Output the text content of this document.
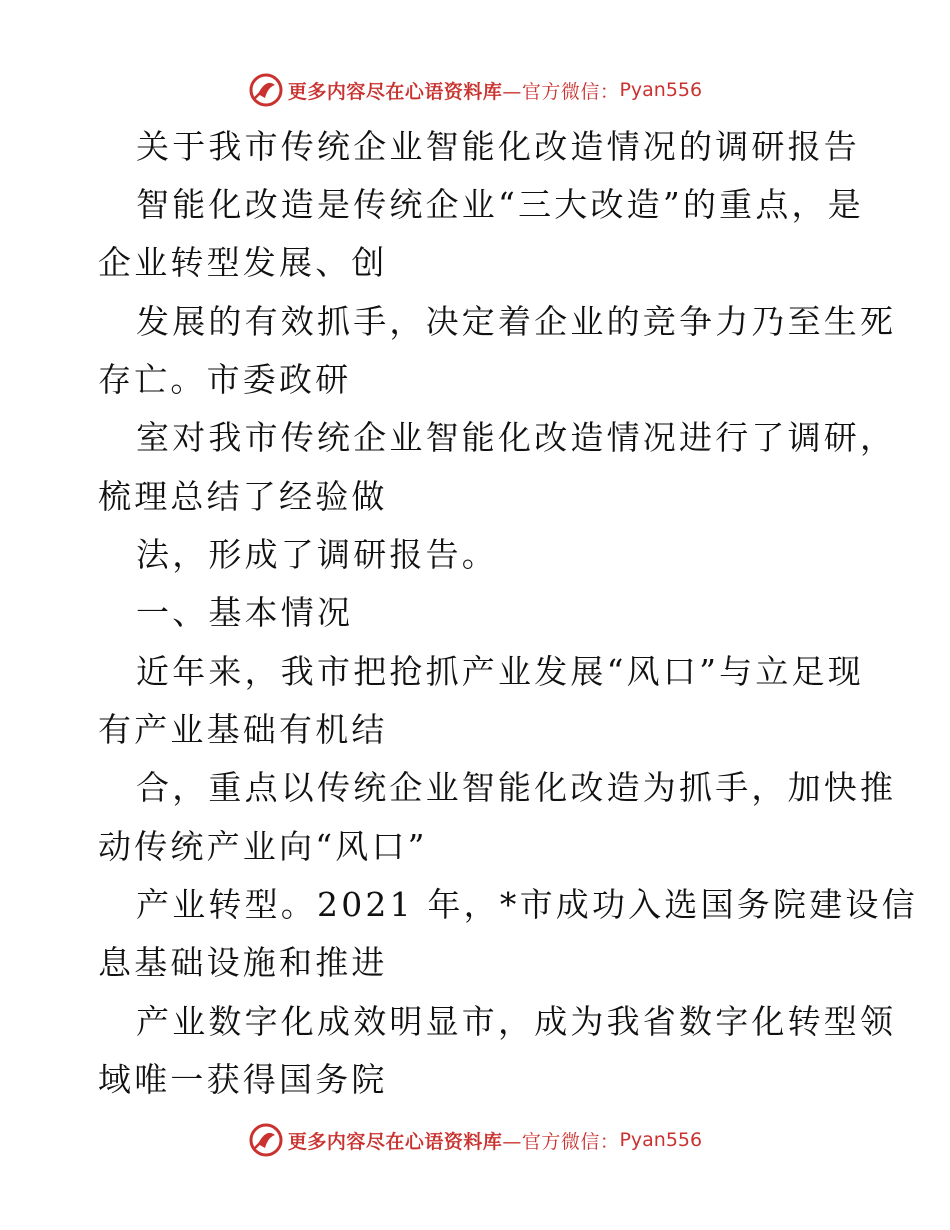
更多内容尽在心语资料库 —官方微信： Pyan556
关于我市传统企业智能化改造情况的调研报告
智能化改造是传统企业“三大改造”的重点，是
企业转型发展、创
发展的有效抓手，决定着企业的竞争力乃至生死
存亡。市委政研
室对我市传统企业智能化改造情况进行了调研，
梳理总结了经验做
法，形成了调研报告。
一、基本情况
近年来，我市把抢抓产业发展“风口”与立足现
有产业基础有机结
合，重点以传统企业智能化改造为抓手，加快推
动传统产业向“风口”
产业转型。2021 年，*市成功入选国务院建设信
息基础设施和推进
产业数字化成效明显市，成为我省数字化转型领
域唯一获得国务院
更多内容尽在心语资料库 —官方微信： Pyan556
